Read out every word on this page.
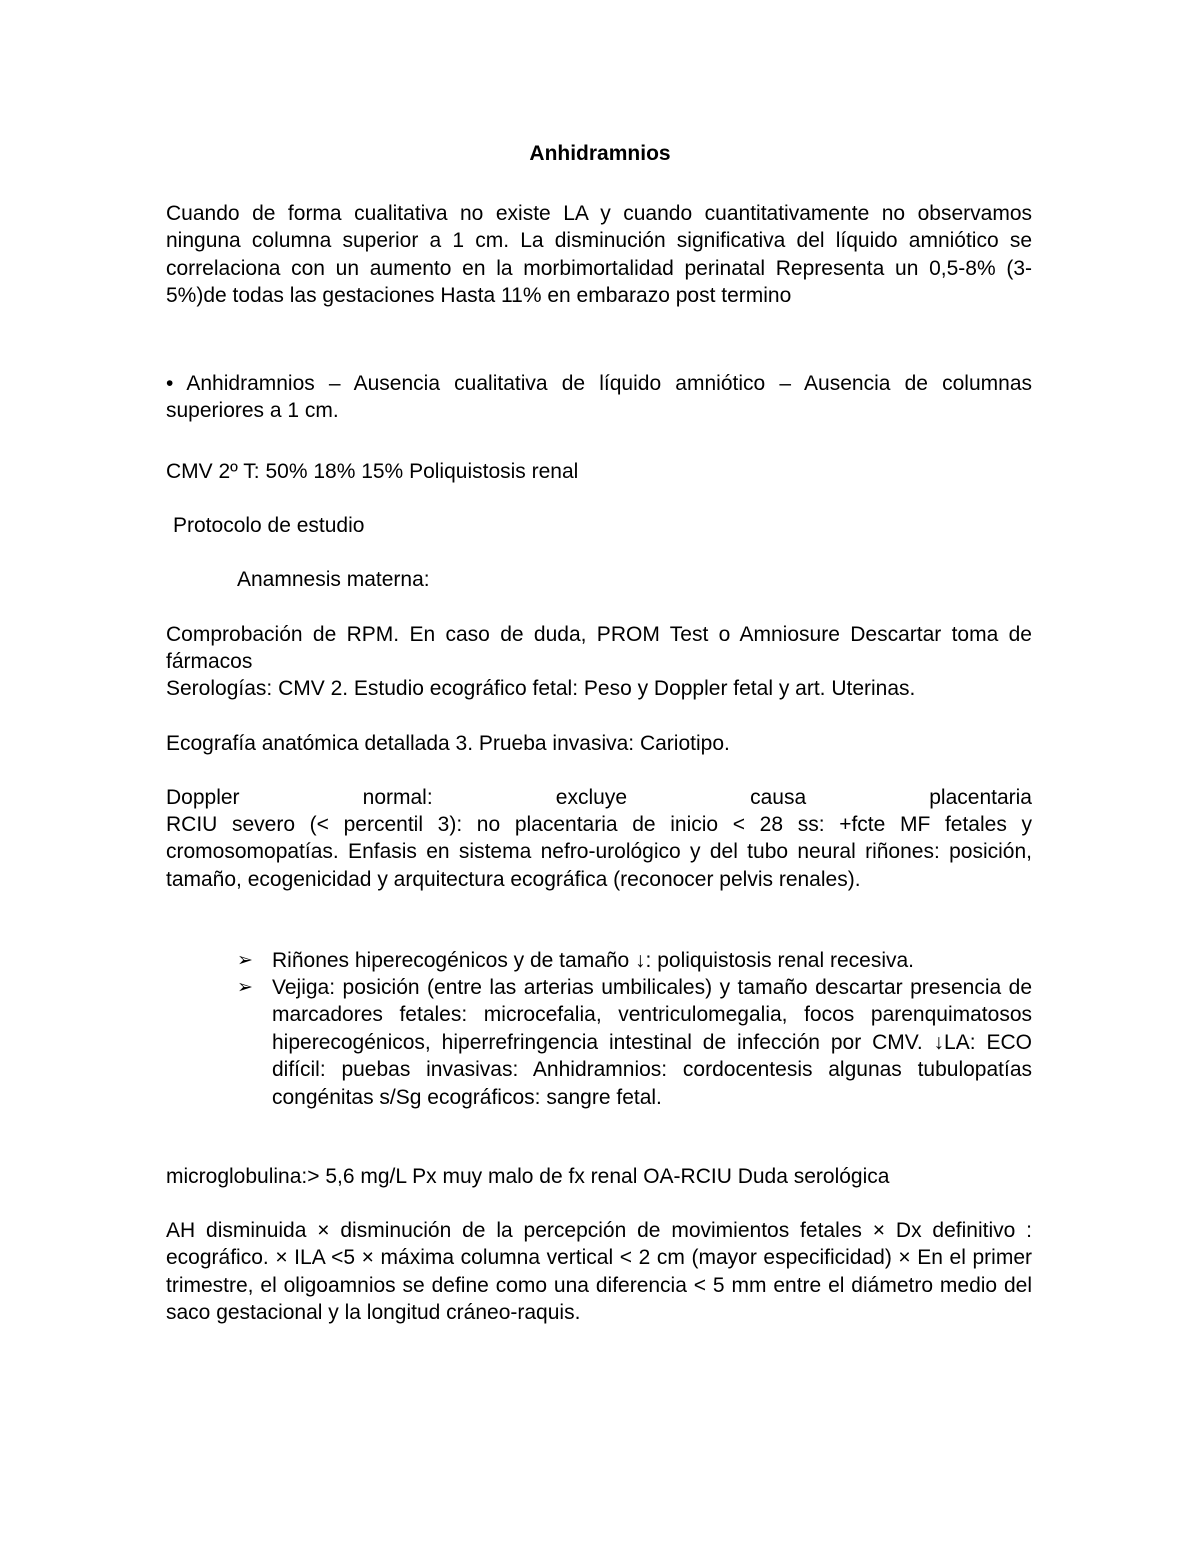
Anhidramnios

Cuando de forma cualitativa no existe LA y cuando cuantitativamente no observamos ninguna columna superior a 1 cm. La disminución significativa del líquido amniótico se correlaciona con un aumento en la morbimortalidad perinatal Representa un 0,5-8% (3-5%)de todas las gestaciones Hasta 11% en embarazo post termino

• Anhidramnios – Ausencia cualitativa de líquido amniótico – Ausencia de columnas superiores a 1 cm.

CMV 2º T: 50% 18% 15% Poliquistosis renal

Protocolo de estudio

Anamnesis materna:

Comprobación de RPM. En caso de duda, PROM Test o Amniosure Descartar toma de fármacos

Serologías: CMV 2. Estudio ecográfico fetal: Peso y Doppler fetal y art. Uterinas.

Ecografía anatómica detallada 3. Prueba invasiva: Cariotipo.

Doppler normal: excluye causa placentaria

RCIU severo (< percentil 3): no placentaria de inicio < 28 ss: +fcte MF fetales y cromosomopatías. Enfasis en sistema nefro-urológico y del tubo neural riñones: posición, tamaño, ecogenicidad y arquitectura ecográfica (reconocer pelvis renales).

➢ Riñones hiperecogénicos y de tamaño ↓: poliquistosis renal recesiva.

➢ Vejiga: posición (entre las arterias umbilicales) y tamaño descartar presencia de marcadores fetales: microcefalia, ventriculomegalia, focos parenquimatosos hiperecogénicos, hiperrefringencia intestinal de infección por CMV. ↓LA: ECO difícil: puebas invasivas: Anhidramnios: cordocentesis algunas tubulopatías congénitas s/Sg ecográficos: sangre fetal.

microglobulina:> 5,6 mg/L Px muy malo de fx renal OA-RCIU Duda serológica

AH disminuida × disminución de la percepción de movimientos fetales × Dx definitivo : ecográfico. × ILA <5 × máxima columna vertical < 2 cm (mayor especificidad) × En el primer trimestre, el oligoamnios se define como una diferencia < 5 mm entre el diámetro medio del saco gestacional y la longitud cráneo-raquis.
